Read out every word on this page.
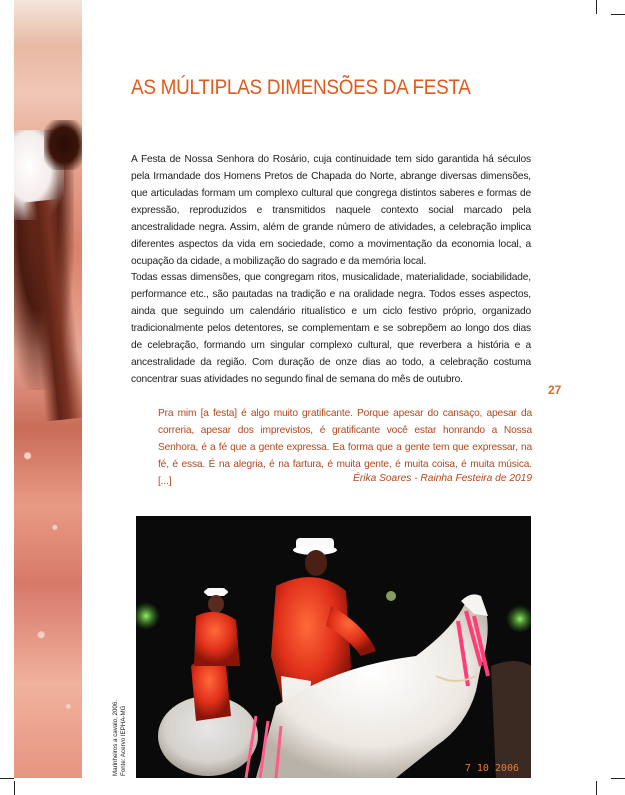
AS MÚLTIPLAS DIMENSÕES DA FESTA

A Festa de Nossa Senhora do Rosário, cuja continuidade tem sido garantida há séculos pela Irmandade dos Homens Pretos de Chapada do Norte, abrange diversas dimensões, que articuladas formam um complexo cultural que congrega distintos saberes e formas de expressão, reproduzidos e transmitidos naquele contexto social marcado pela ancestralidade negra. Assim, além de grande número de atividades, a celebração implica diferentes aspectos da vida em sociedade, como a movimentação da economia local, a ocupação da cidade, a mobilização do sagrado e da memória local.

Todas essas dimensões, que congregam ritos, musicalidade, materialidade, sociabilidade, performance etc., são pautadas na tradição e na oralidade negra. Todos esses aspectos, ainda que seguindo um calendário ritualístico e um ciclo festivo próprio, organizado tradicionalmente pelos detentores, se complementam e se sobrepõem ao longo dos dias de celebração, formando um singular complexo cultural, que reverbera a história e a ancestralidade da região. Com duração de onze dias ao todo, a celebração costuma concentrar suas atividades no segundo final de semana do mês de outubro.

27
Pra mim [a festa] é algo muito gratificante. Porque apesar do cansaço, apesar da correria, apesar dos imprevistos, é gratificante você estar honrando a Nossa Senhora, é a fé que a gente expressa. Ea forma que a gente tem que expressar, na fé, é essa. É na alegria, é na fartura, é muita gente, é muita coisa, é muita música. [...]	Érika Soares - Rainha Festeira de 2019
7 10 2006
Marinheiros a cavalo, 2006. Fonte: Acervo IEPHA-MG
